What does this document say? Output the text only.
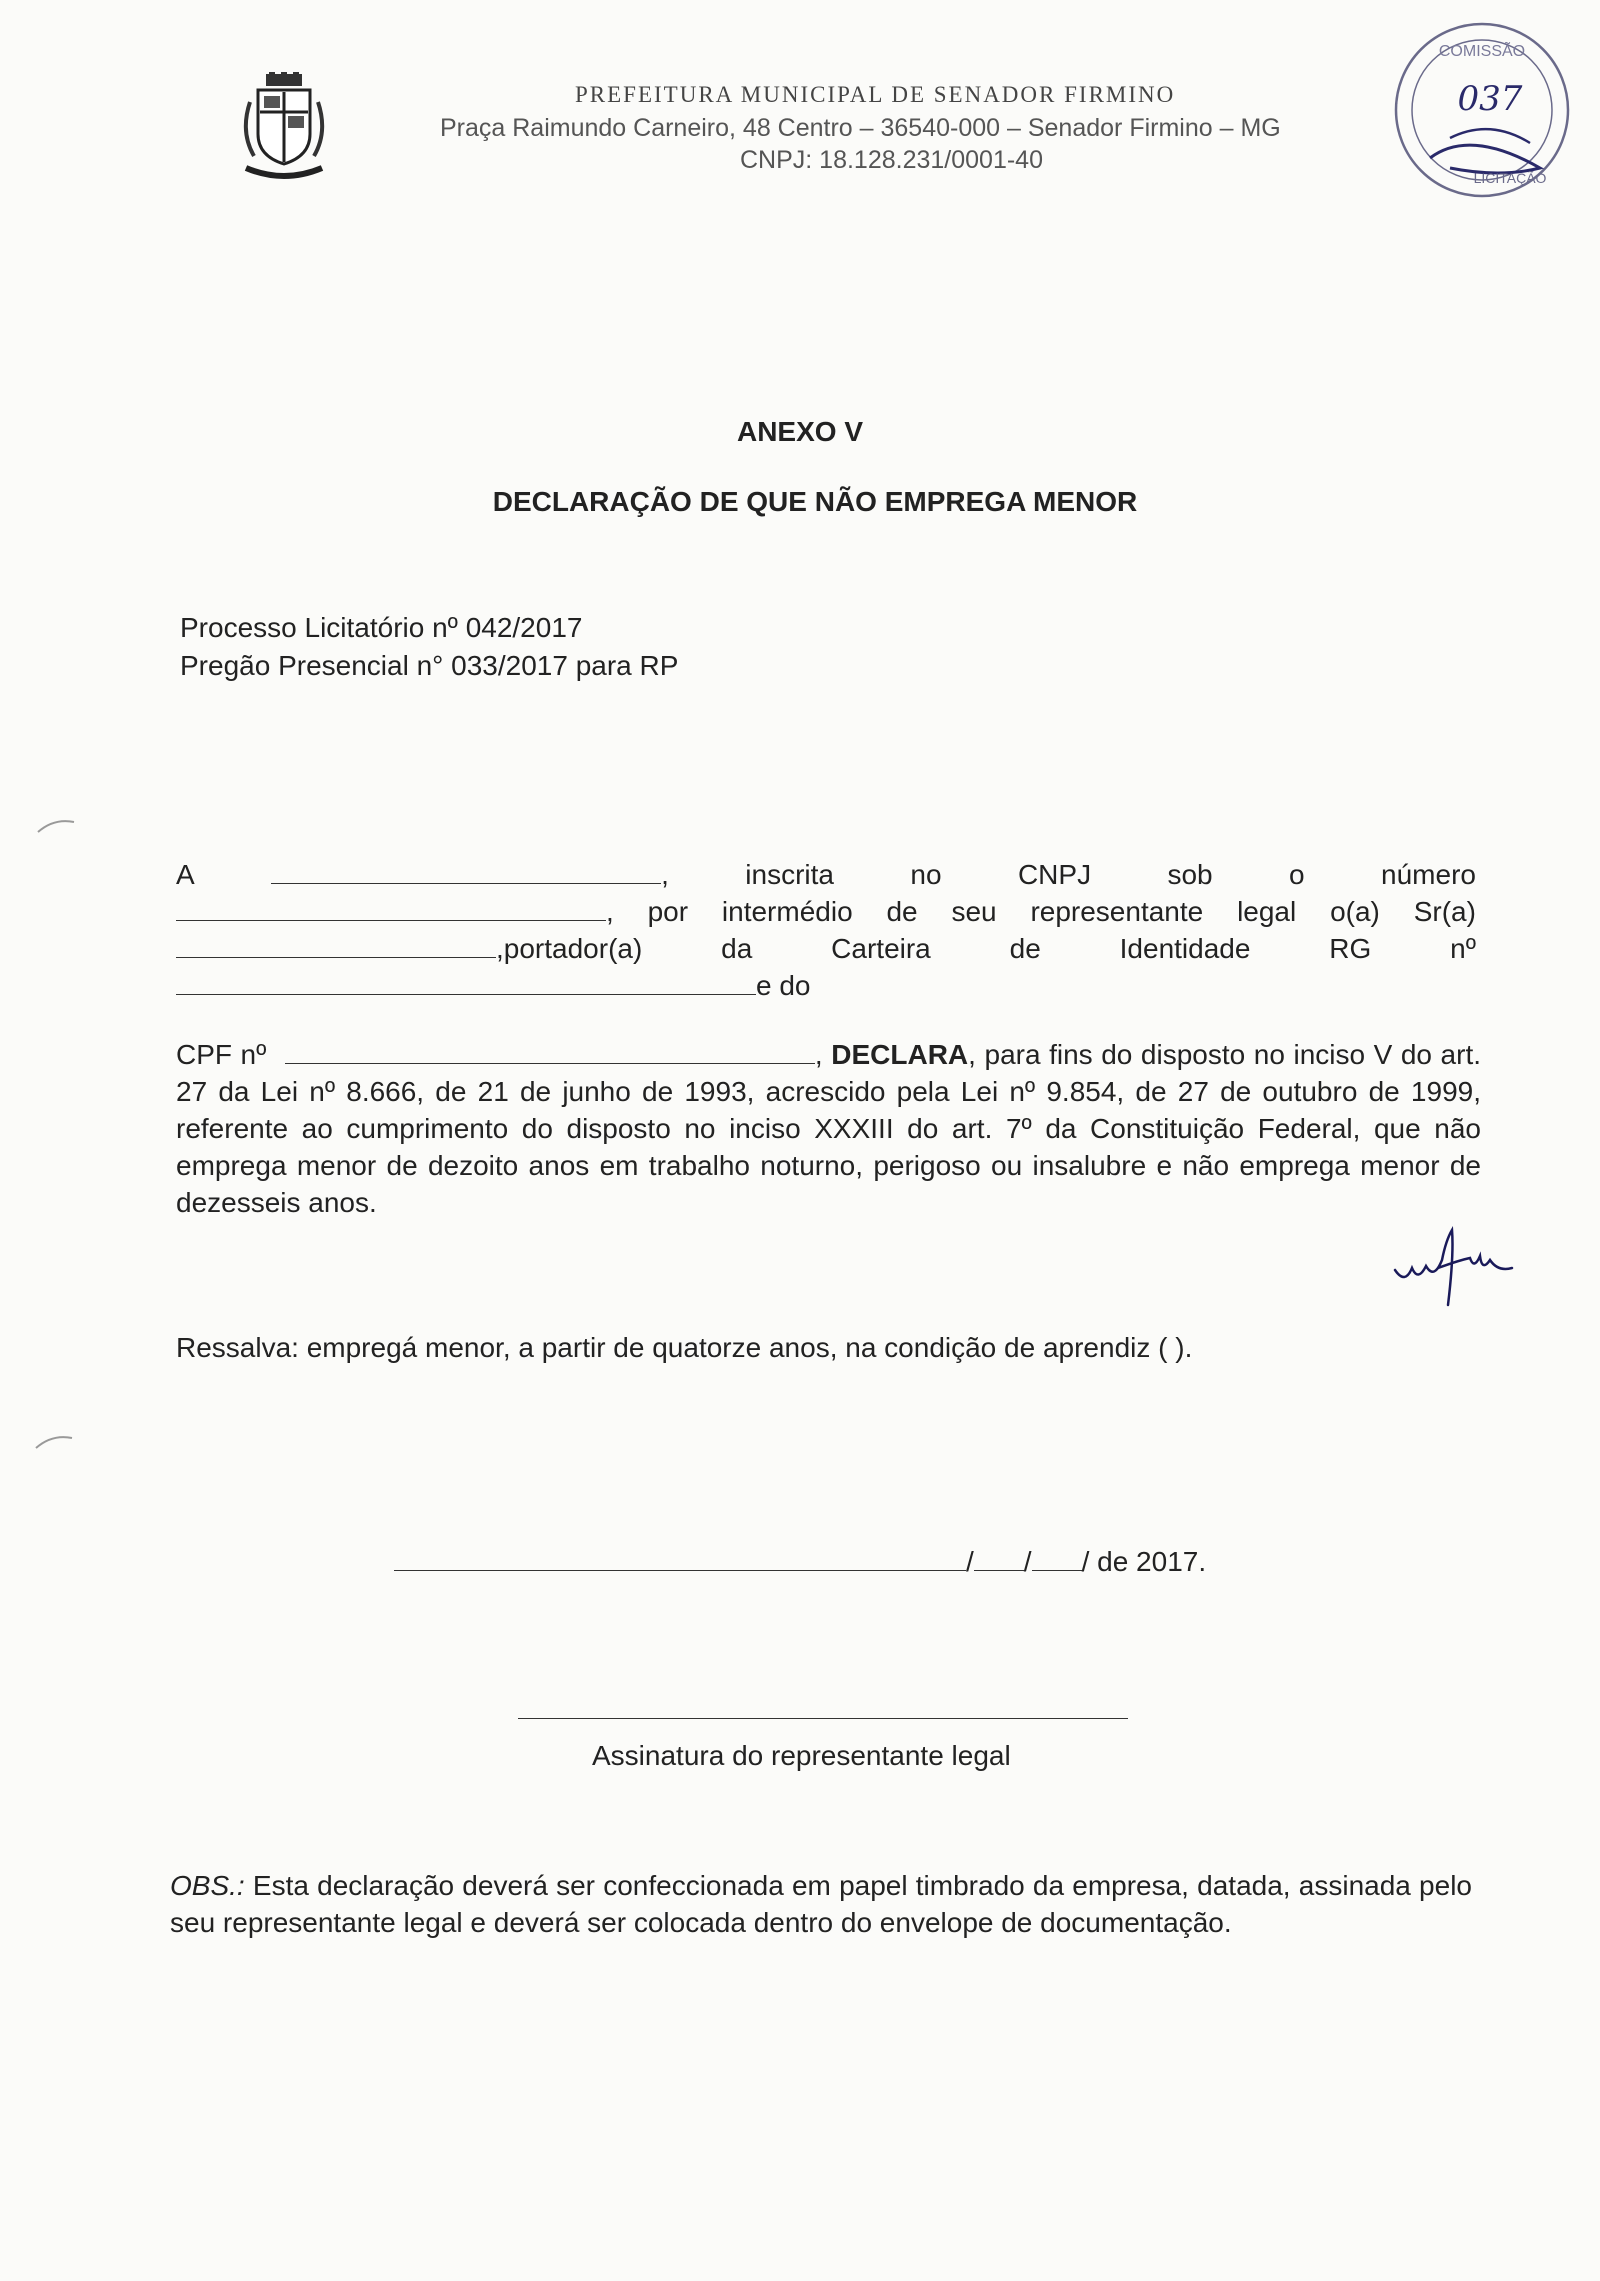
PREFEITURA MUNICIPAL DE SENADOR FIRMINO
Praça Raimundo Carneiro, 48 Centro – 36540-000 – Senador Firmino – MG
CNPJ: 18.128.231/0001-40
COMISSÃO
037
LICITAÇÃO
ANEXO V
DECLARAÇÃO DE QUE NÃO EMPREGA MENOR
Processo Licitatório nº 042/2017
Pregão Presencial n° 033/2017 para RP
A	,	inscrita	no	CNPJ	sob	o	número
, por intermédio de seu representante legal o(a) Sr(a)
,portador(a)	da	Carteira	de	Identidade	RG	nº
e do

CPF nº	, DECLARA, para fins do disposto no inciso V do art. 27 da Lei nº 8.666, de 21 de junho de 1993, acrescido pela Lei nº 9.854, de 27 de outubro de 1999, referente ao cumprimento do disposto no inciso XXXIII do art. 7º da Constituição Federal, que não emprega menor de dezoito anos em trabalho noturno, perigoso ou insalubre e não emprega menor de dezesseis anos.

Ressalva: empregá menor, a partir de quatorze anos, na condição de aprendiz ( ).
/ / / de 2017.
Assinatura do representante legal
OBS.: Esta declaração deverá ser confeccionada em papel timbrado da empresa, datada, assinada pelo seu representante legal e deverá ser colocada dentro do envelope de documentação.
